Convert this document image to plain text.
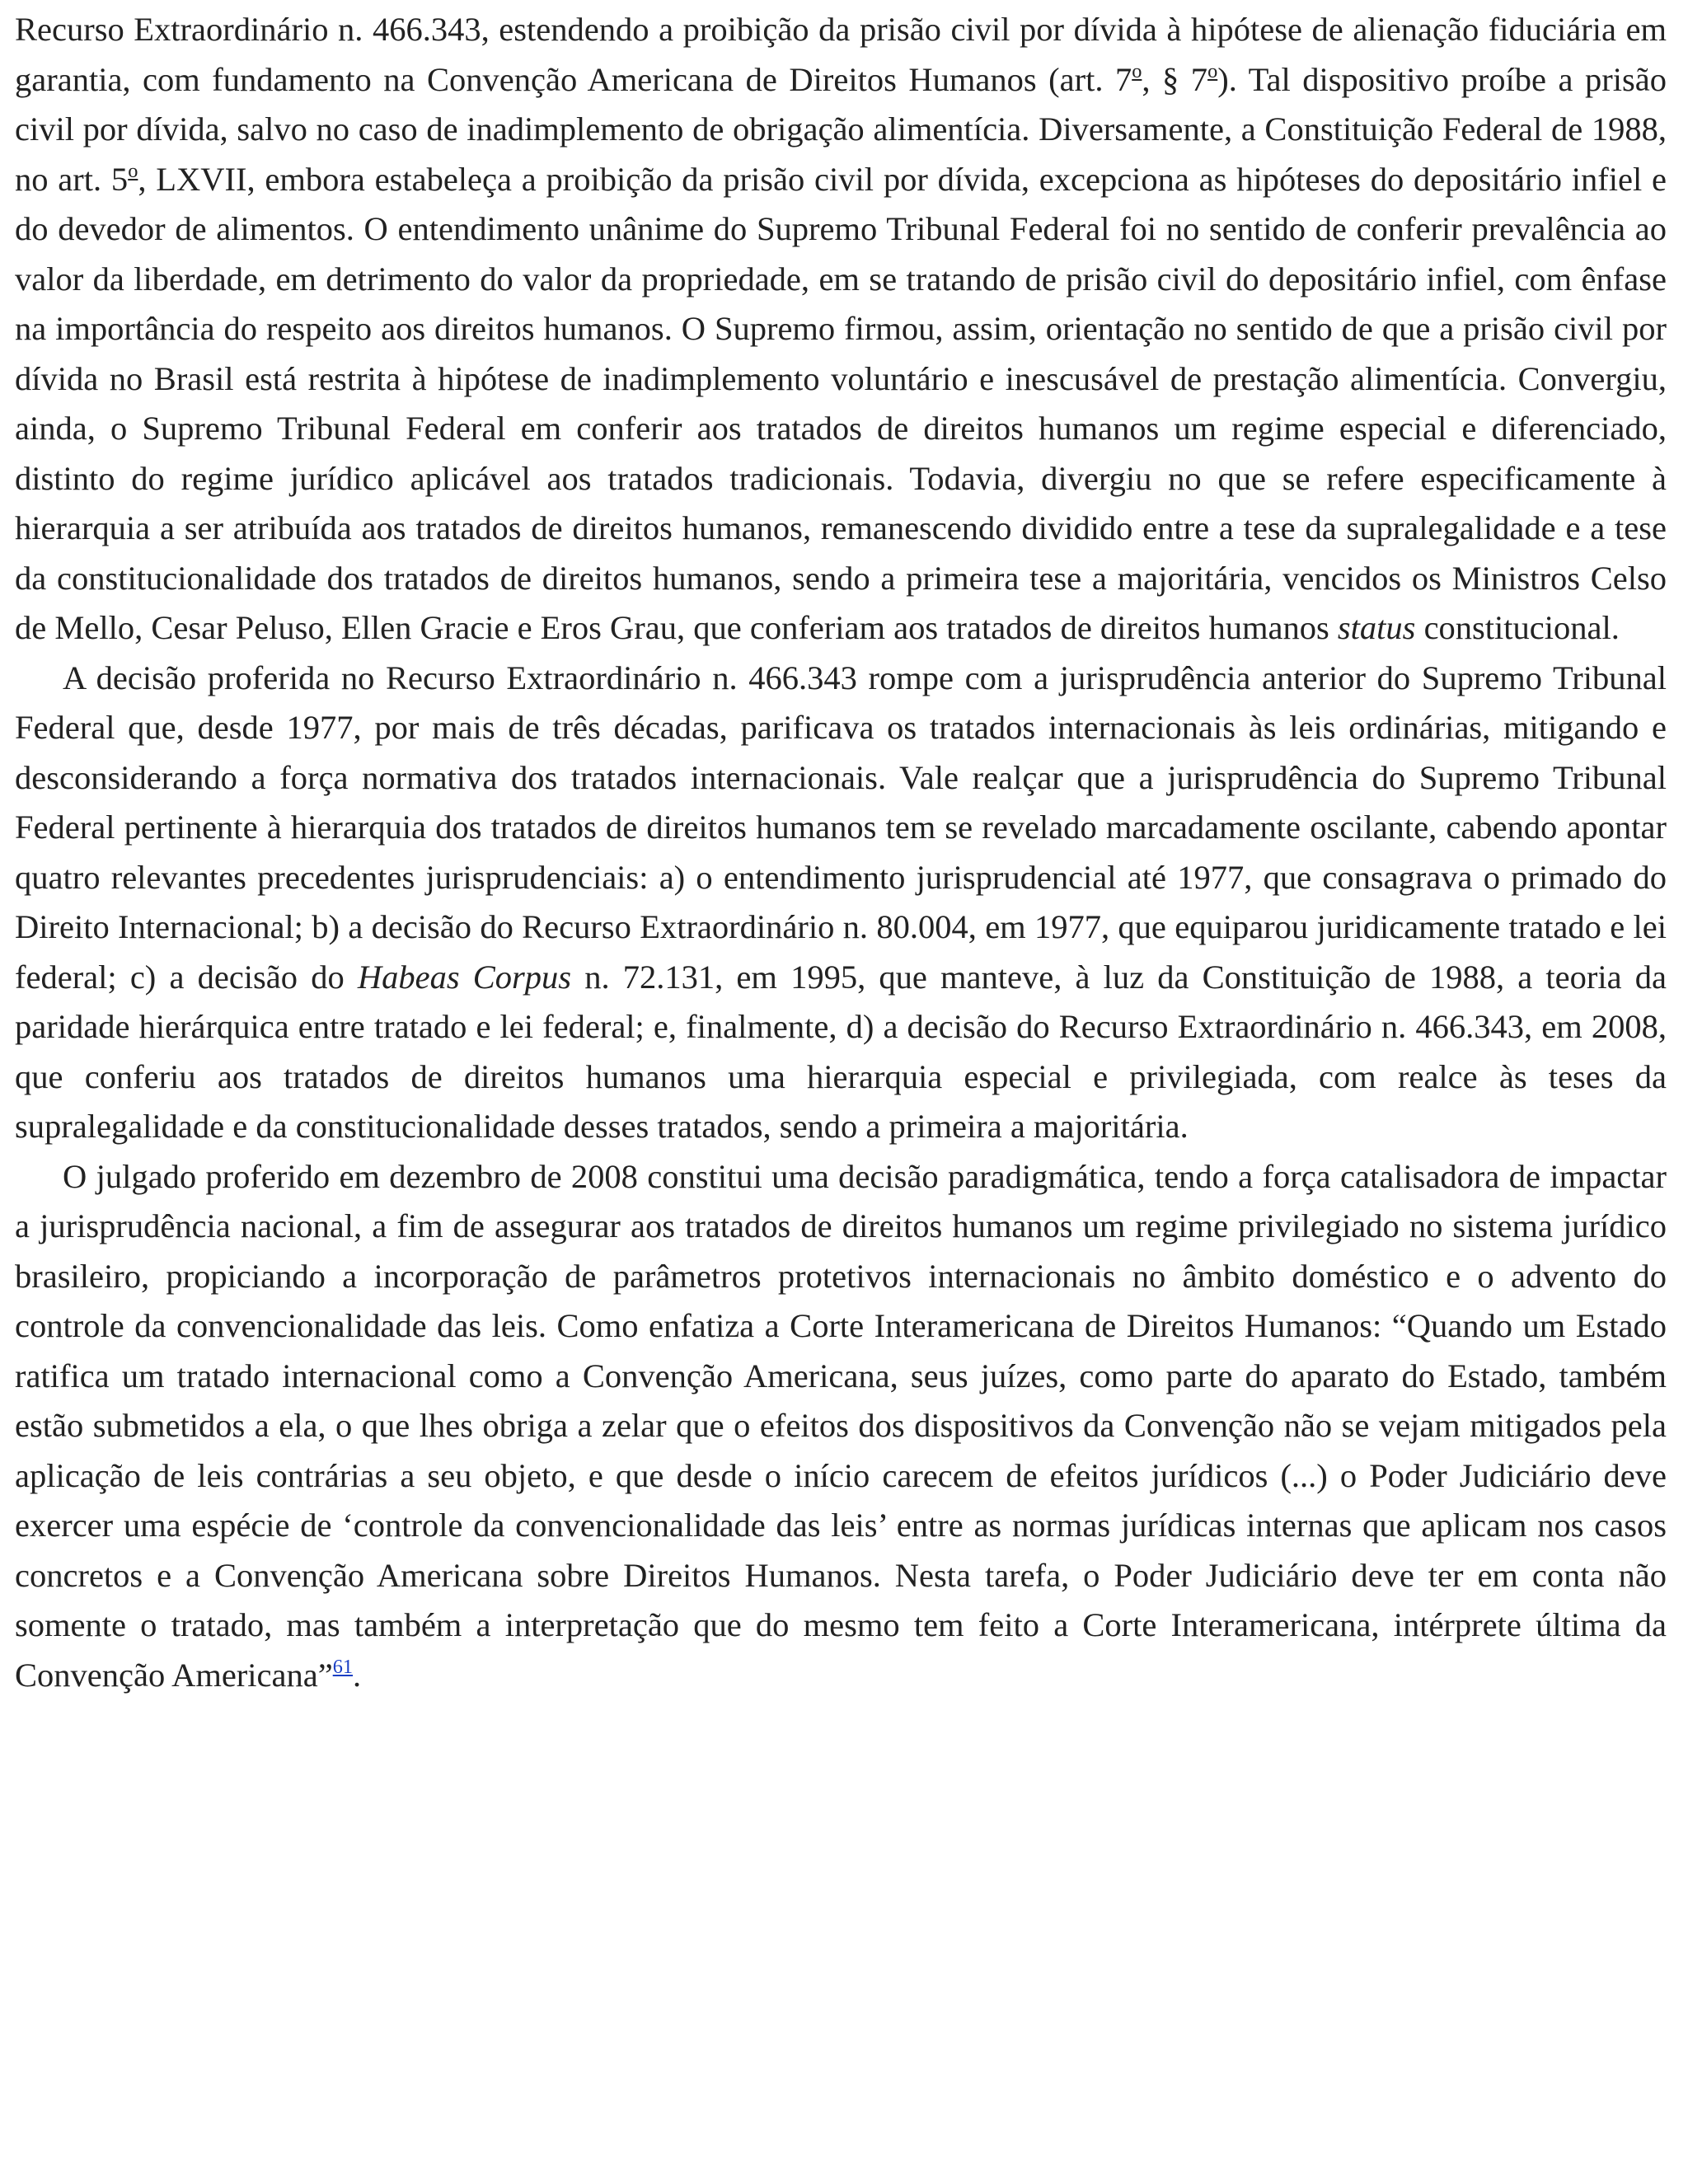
Recurso Extraordinário n. 466.343, estendendo a proibição da prisão civil por dívida à hipótese de alienação fiduciária em garantia, com fundamento na Convenção Americana de Direitos Humanos (art. 7$^o$, § 7$^o$). Tal dispositivo proíbe a prisão civil por dívida, salvo no caso de inadimplemento de obrigação alimentícia. Diversamente, a Constituição Federal de 1988, no art. 5$^o$, LXVII, embora estabeleça a proibição da prisão civil por dívida, excepciona as hipóteses do depositário infiel e do devedor de alimentos. O entendimento unânime do Supremo Tribunal Federal foi no sentido de conferir prevalência ao valor da liberdade, em detrimento do valor da propriedade, em se tratando de prisão civil do depositário infiel, com ênfase na importância do respeito aos direitos humanos. O Supremo firmou, assim, orientação no sentido de que a prisão civil por dívida no Brasil está restrita à hipótese de inadimplemento voluntário e inescusável de prestação alimentícia. Convergiu, ainda, o Supremo Tribunal Federal em conferir aos tratados de direitos humanos um regime especial e diferenciado, distinto do regime jurídico aplicável aos tratados tradicionais. Todavia, divergiu no que se refere especificamente à hierarquia a ser atribuída aos tratados de direitos humanos, remanescendo dividido entre a tese da supralegalidade e a tese da constitucionalidade dos tratados de direitos humanos, sendo a primeira tese a majoritária, vencidos os Ministros Celso de Mello, Cesar Peluso, Ellen Gracie e Eros Grau, que conferiam aos tratados de direitos humanos status constitucional.

A decisão proferida no Recurso Extraordinário n. 466.343 rompe com a jurisprudência anterior do Supremo Tribunal Federal que, desde 1977, por mais de três décadas, parificava os tratados internacionais às leis ordinárias, mitigando e desconsiderando a força normativa dos tratados internacionais. Vale realçar que a jurisprudência do Supremo Tribunal Federal pertinente à hierarquia dos tratados de direitos humanos tem se revelado marcadamente oscilante, cabendo apontar quatro relevantes precedentes jurisprudenciais: a) o entendimento jurisprudencial até 1977, que consagrava o primado do Direito Internacional; b) a decisão do Recurso Extraordinário n. 80.004, em 1977, que equiparou juridicamente tratado e lei federal; c) a decisão do Habeas Corpus n. 72.131, em 1995, que manteve, à luz da Constituição de 1988, a teoria da paridade hierárquica entre tratado e lei federal; e, finalmente, d) a decisão do Recurso Extraordinário n. 466.343, em 2008, que conferiu aos tratados de direitos humanos uma hierarquia especial e privilegiada, com realce às teses da supralegalidade e da constitucionalidade desses tratados, sendo a primeira a majoritária.

O julgado proferido em dezembro de 2008 constitui uma decisão paradigmática, tendo a força catalisadora de impactar a jurisprudência nacional, a fim de assegurar aos tratados de direitos humanos um regime privilegiado no sistema jurídico brasileiro, propiciando a incorporação de parâmetros protetivos internacionais no âmbito doméstico e o advento do controle da convencionalidade das leis. Como enfatiza a Corte Interamericana de Direitos Humanos: “Quando um Estado ratifica um tratado internacional como a Convenção Americana, seus juízes, como parte do aparato do Estado, também estão submetidos a ela, o que lhes obriga a zelar que o efeitos dos dispositivos da Convenção não se vejam mitigados pela aplicação de leis contrárias a seu objeto, e que desde o início carecem de efeitos jurídicos (...) o Poder Judiciário deve exercer uma espécie de ‘controle da convencionalidade das leis’ entre as normas jurídicas internas que aplicam nos casos concretos e a Convenção Americana sobre Direitos Humanos. Nesta tarefa, o Poder Judiciário deve ter em conta não somente o tratado, mas também a interpretação que do mesmo tem feito a Corte Interamericana, intérprete última da Convenção Americana”$^{61}$.
